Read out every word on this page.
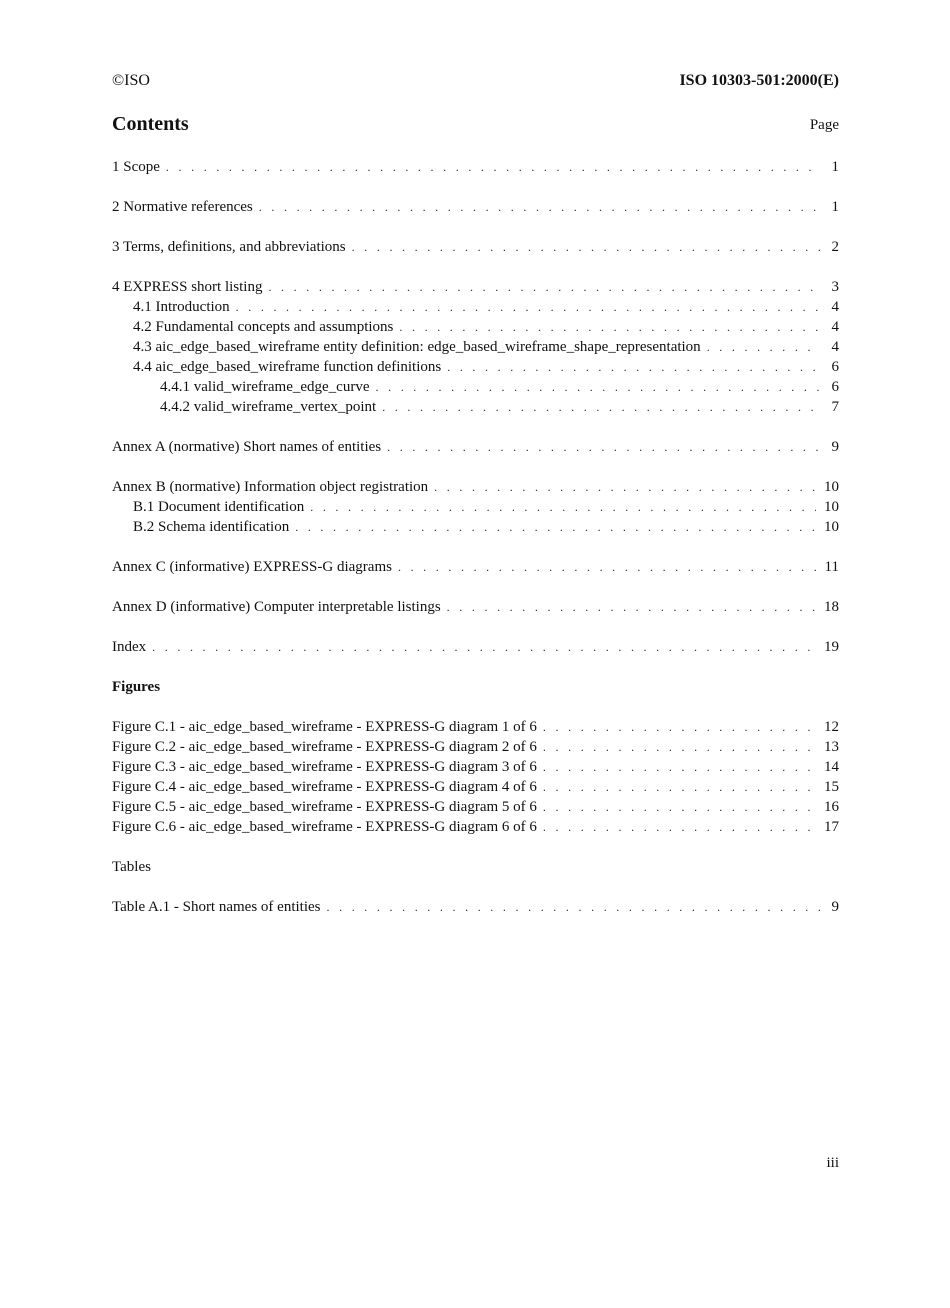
©ISO	ISO 10303-501:2000(E)
Contents	Page
1 Scope . . .	1
2 Normative references . . .	1
3 Terms, definitions, and abbreviations . . .	2
4 EXPRESS short listing . . .	3
4.1 Introduction . . .	4
4.2 Fundamental concepts and assumptions . . .	4
4.3 aic_edge_based_wireframe entity definition: edge_based_wireframe_shape_representation . . .	4
4.4 aic_edge_based_wireframe function definitions . . .	6
4.4.1 valid_wireframe_edge_curve . . .	6
4.4.2 valid_wireframe_vertex_point . . .	7
Annex A (normative) Short names of entities . . .	9
Annex B (normative) Information object registration . . .	10
B.1 Document identification . . .	10
B.2 Schema identification . . .	10
Annex C (informative) EXPRESS-G diagrams . . .	11
Annex D (informative) Computer interpretable listings . . .	18
Index . . .	19
Figures
Figure C.1 - aic_edge_based_wireframe - EXPRESS-G diagram 1 of 6 . . .	12
Figure C.2 - aic_edge_based_wireframe - EXPRESS-G diagram 2 of 6 . . .	13
Figure C.3 - aic_edge_based_wireframe - EXPRESS-G diagram 3 of 6 . . .	14
Figure C.4 - aic_edge_based_wireframe - EXPRESS-G diagram 4 of 6 . . .	15
Figure C.5 - aic_edge_based_wireframe - EXPRESS-G diagram 5 of 6 . . .	16
Figure C.6 - aic_edge_based_wireframe - EXPRESS-G diagram 6 of 6 . . .	17
Tables
Table A.1 - Short names of entities . . .	9
iii
